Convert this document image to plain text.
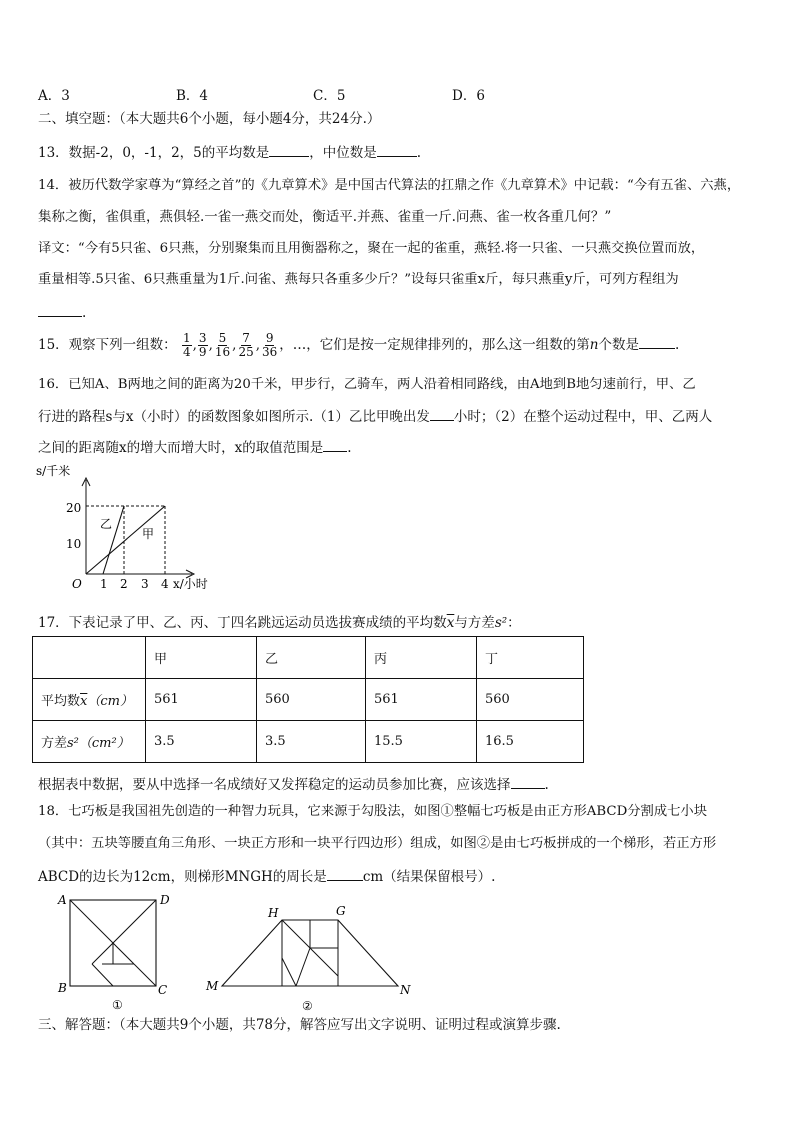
A．3	B．4	C．5	D．6
二、填空题：（本大题共6个小题，每小题4分，共24分.）
13．数据-2，0，-1，2，5的平均数是	，中位数是	.
14．被历代数学家尊为“算经之首”的《九章算术》是中国古代算法的扛鼎之作《九章算术》中记载：“今有五雀、六燕，
集称之衡，雀俱重，燕俱轻.一雀一燕交而处，衡适平.并燕、雀重一斤.问燕、雀一枚各重几何？”
译文：“今有5只雀、6只燕，分别聚集而且用衡器称之，聚在一起的雀重，燕轻.将一只雀、一只燕交换位置而放，
重量相等.5只雀、6只燕重量为1斤.问雀、燕每只各重多少斤？”设每只雀重x斤，每只燕重y斤，可列方程组为
.
15．观察下列一组数： $\frac{1}{4}$ , $\frac{3}{9}$ , $\frac{5}{16}$ , $\frac{7}{25}$ , $\frac{9}{36}$ ，…，它们是按一定规律排列的，那么这一组数的第n个数是	.
16．已知A、B两地之间的距离为20千米，甲步行，乙骑车，两人沿着相同路线，由A地到B地匀速前行，甲、乙
行进的路程s与x（小时）的函数图象如图所示.（1）乙比甲晚出发 小时；（2）在整个运动过程中，甲、乙两人
之间的距离随x的增大而增大时，x的取值范围是 .
s/千米
20
10
O 1 2 3 4 x/小时
乙
甲
17．下表记录了甲、乙、丙、丁四名跳远运动员选拔赛成绩的平均数$\overline{x}$与方差s²：
	甲	乙	丙	丁
平均数$\overline{x}(cm)$	561	560	561	560
方差s²（cm²）	3.5	3.5	15.5	16.5
根据表中数据，要从中选择一名成绩好又发挥稳定的运动员参加比赛，应该选择	.
18．七巧板是我国祖先创造的一种智力玩具，它来源于勾股法，如图①整幅七巧板是由正方形ABCD分割成七小块
（其中：五块等腰直角三角形、一块正方形和一块平行四边形）组成，如图②是由七巧板拼成的一个梯形，若正方形
ABCD的边长为12cm，则梯形MNGH的周长是	cm（结果保留根号）.
A	D
B	C
①
H	G
M	N
②
三、解答题：（本大题共9个小题，共78分，解答应写出文字说明、证明过程或演算步骤.
